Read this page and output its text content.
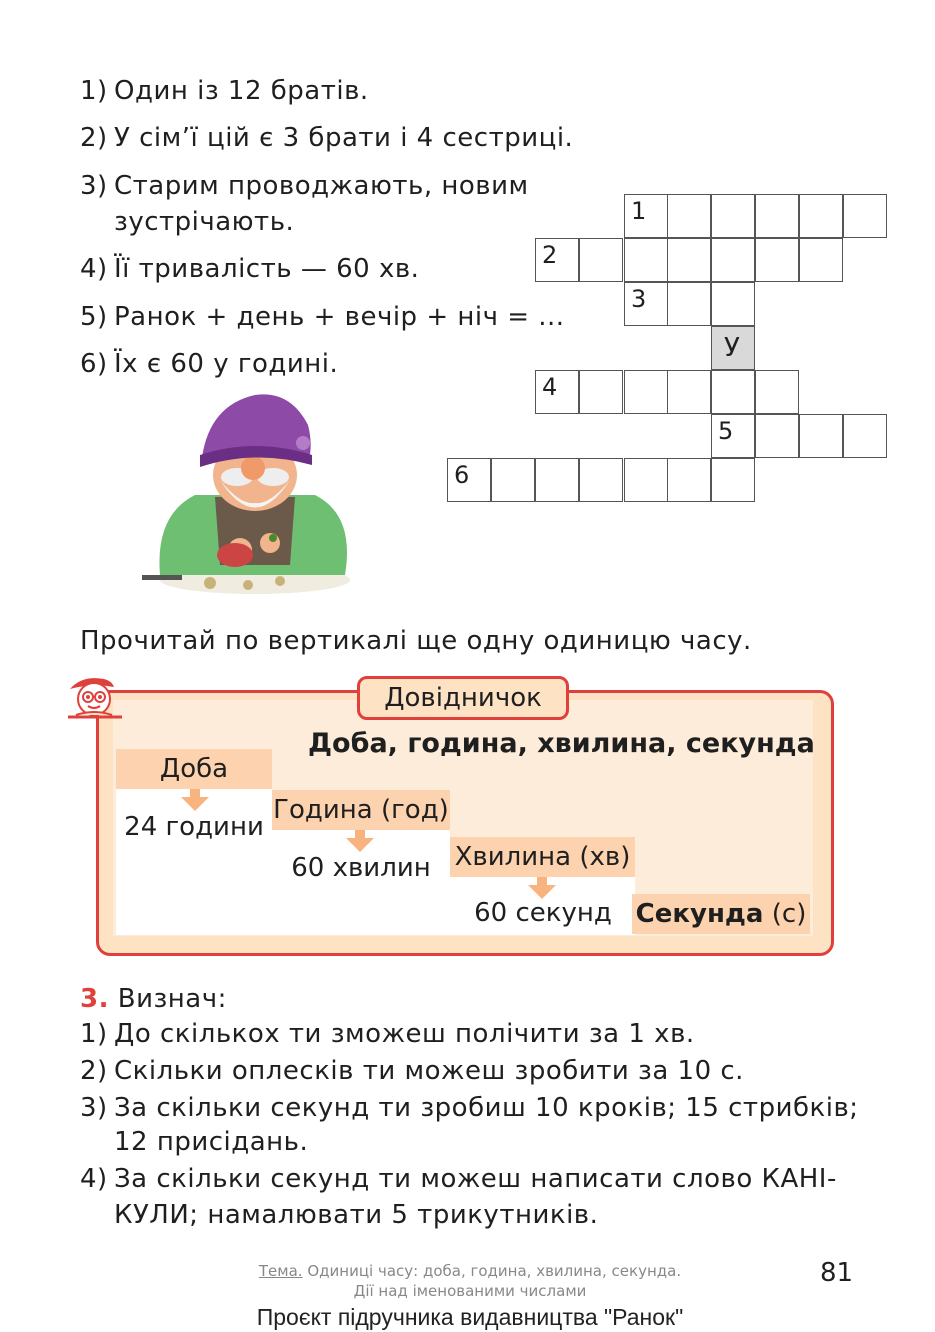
1) Один із 12 братів.
2) У сім’ї цій є 3 брати і 4 сестриці.
3) Старим проводжають, новим
зустрічають.
4) Її тривалість — 60 хв.
5) Ранок + день + вечір + ніч = ...
6) Їх є 60 у годині.
1
2
3
У
4
5
6
Прочитай по вертикалі ще одну одиницю часу.
Довідничок
Доба, година, хвилина, секунда
Доба
24 години
Година (год)
60 хвилин Хвилина (хв)
60 секунд Секунда (с)
3. Визнач:
1) До скількох ти зможеш полічити за 1 хв.
2) Скільки оплесків ти можеш зробити за 10 с.
3) За скільки секунд ти зробиш 10 кроків; 15 стрибків;
12 присідань.
4) За скільки секунд ти можеш написати слово КАНІ-
КУЛИ; намалювати 5 трикутників.
Тема. Одиниці часу: доба, година, хвилина, секунда.
Дії над іменованими числами
81
Проєкт підручника видавництва "Ранок"
